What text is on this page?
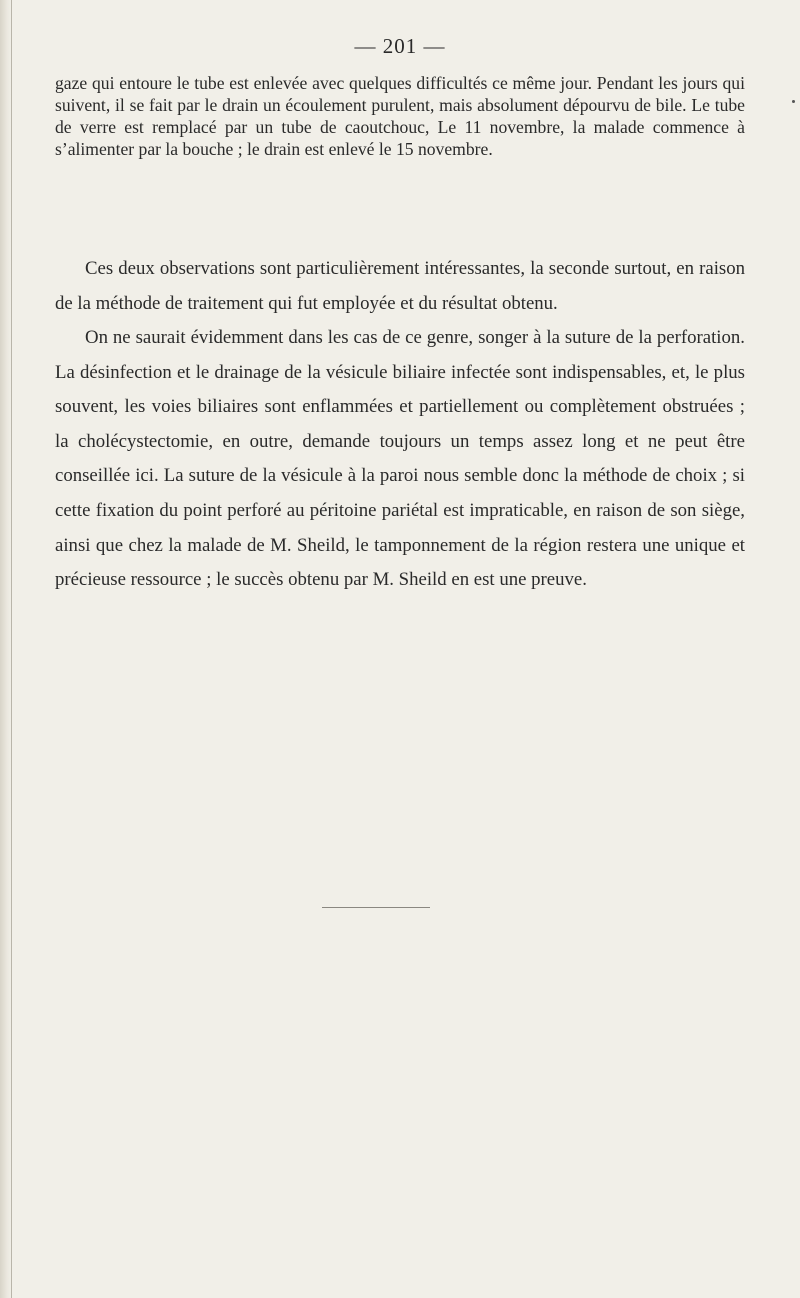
— 201 —

gaze qui entoure le tube est enlevée avec quelques difficultés ce même jour. Pendant les jours qui suivent, il se fait par le drain un écoulement purulent, mais absolument dépourvu de bile. Le tube de verre est remplacé par un tube de caoutchouc, Le 11 novembre, la malade commence à s’alimenter par la bouche ; le drain est enlevé le 15 novembre.

Ces deux observations sont particulièrement intéressantes, la seconde surtout, en raison de la méthode de traitement qui fut employée et du résultat obtenu.

On ne saurait évidemment dans les cas de ce genre, songer à la suture de la perforation. La désinfection et le drainage de la vésicule biliaire infectée sont indispensables, et, le plus souvent, les voies biliaires sont enflammées et partiellement ou complètement obstruées ; la cholécystectomie, en outre, demande toujours un temps assez long et ne peut être conseillée ici. La suture de la vésicule à la paroi nous semble donc la méthode de choix ; si cette fixation du point perforé au péritoine pariétal est impraticable, en raison de son siège, ainsi que chez la malade de M. Sheild, le tamponnement de la région restera une unique et précieuse ressource ; le succès obtenu par M. Sheild en est une preuve.
